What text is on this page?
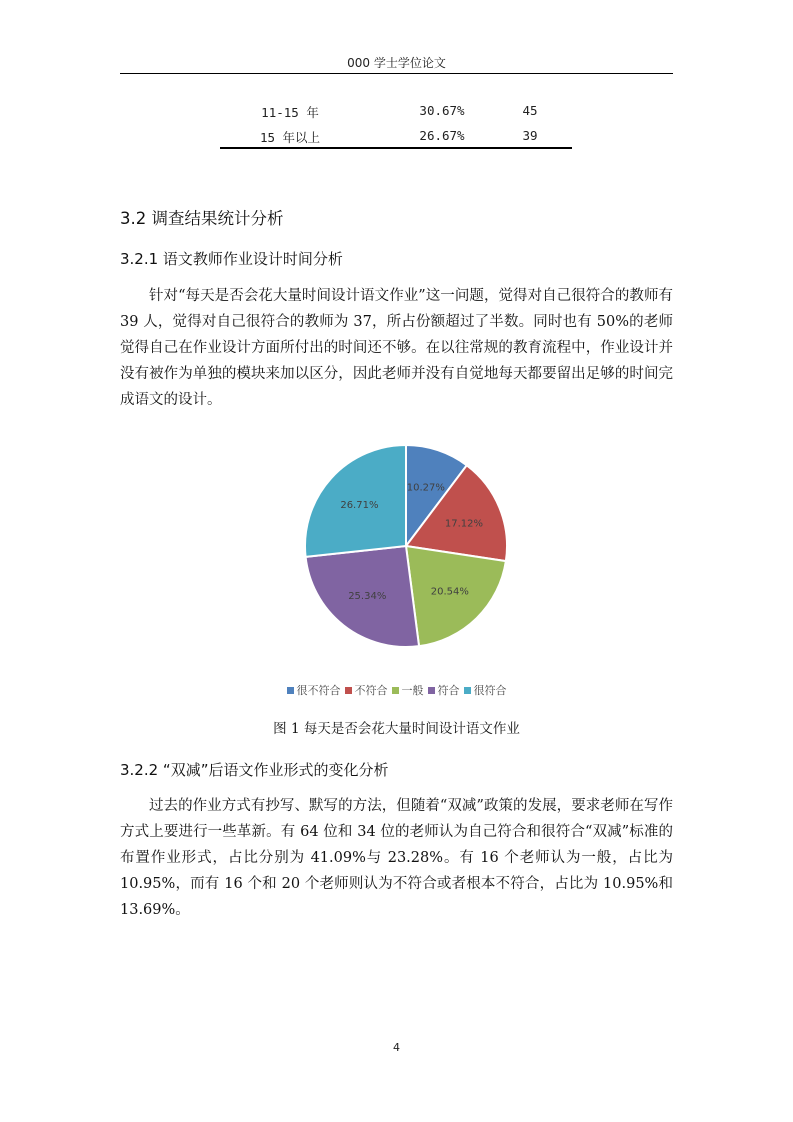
000 学士学位论文
11-15 年	30.67%	45
15 年以上	26.67%	39
3.2 调查结果统计分析
3.2.1 语文教师作业设计时间分析

针对“每天是否会花大量时间设计语文作业”这一问题，觉得对自己很符合的教师有 39 人，觉得对自己很符合的教师为 37，所占份额超过了半数。同时也有 50%的老师觉得自己在作业设计方面所付出的时间还不够。在以往常规的教育流程中，作业设计并没有被作为单独的模块来加以区分，因此老师并没有自觉地每天都要留出足够的时间完成语文的设计。

10.27%
17.12%
20.54%
25.34%
26.71%
很不符合 不符合 一般 符合 很符合
图 1 每天是否会花大量时间设计语文作业
3.2.2 “双减”后语文作业形式的变化分析

过去的作业方式有抄写、默写的方法，但随着“双减”政策的发展，要求老师在写作方式上要进行一些革新。有 64 位和 34 位的老师认为自己符合和很符合“双减”标准的布置作业形式，占比分别为 41.09%与 23.28%。有 16 个老师认为一般，占比为 10.95%，而有 16 个和 20 个老师则认为不符合或者根本不符合，占比为 10.95%和 13.69%。

4
